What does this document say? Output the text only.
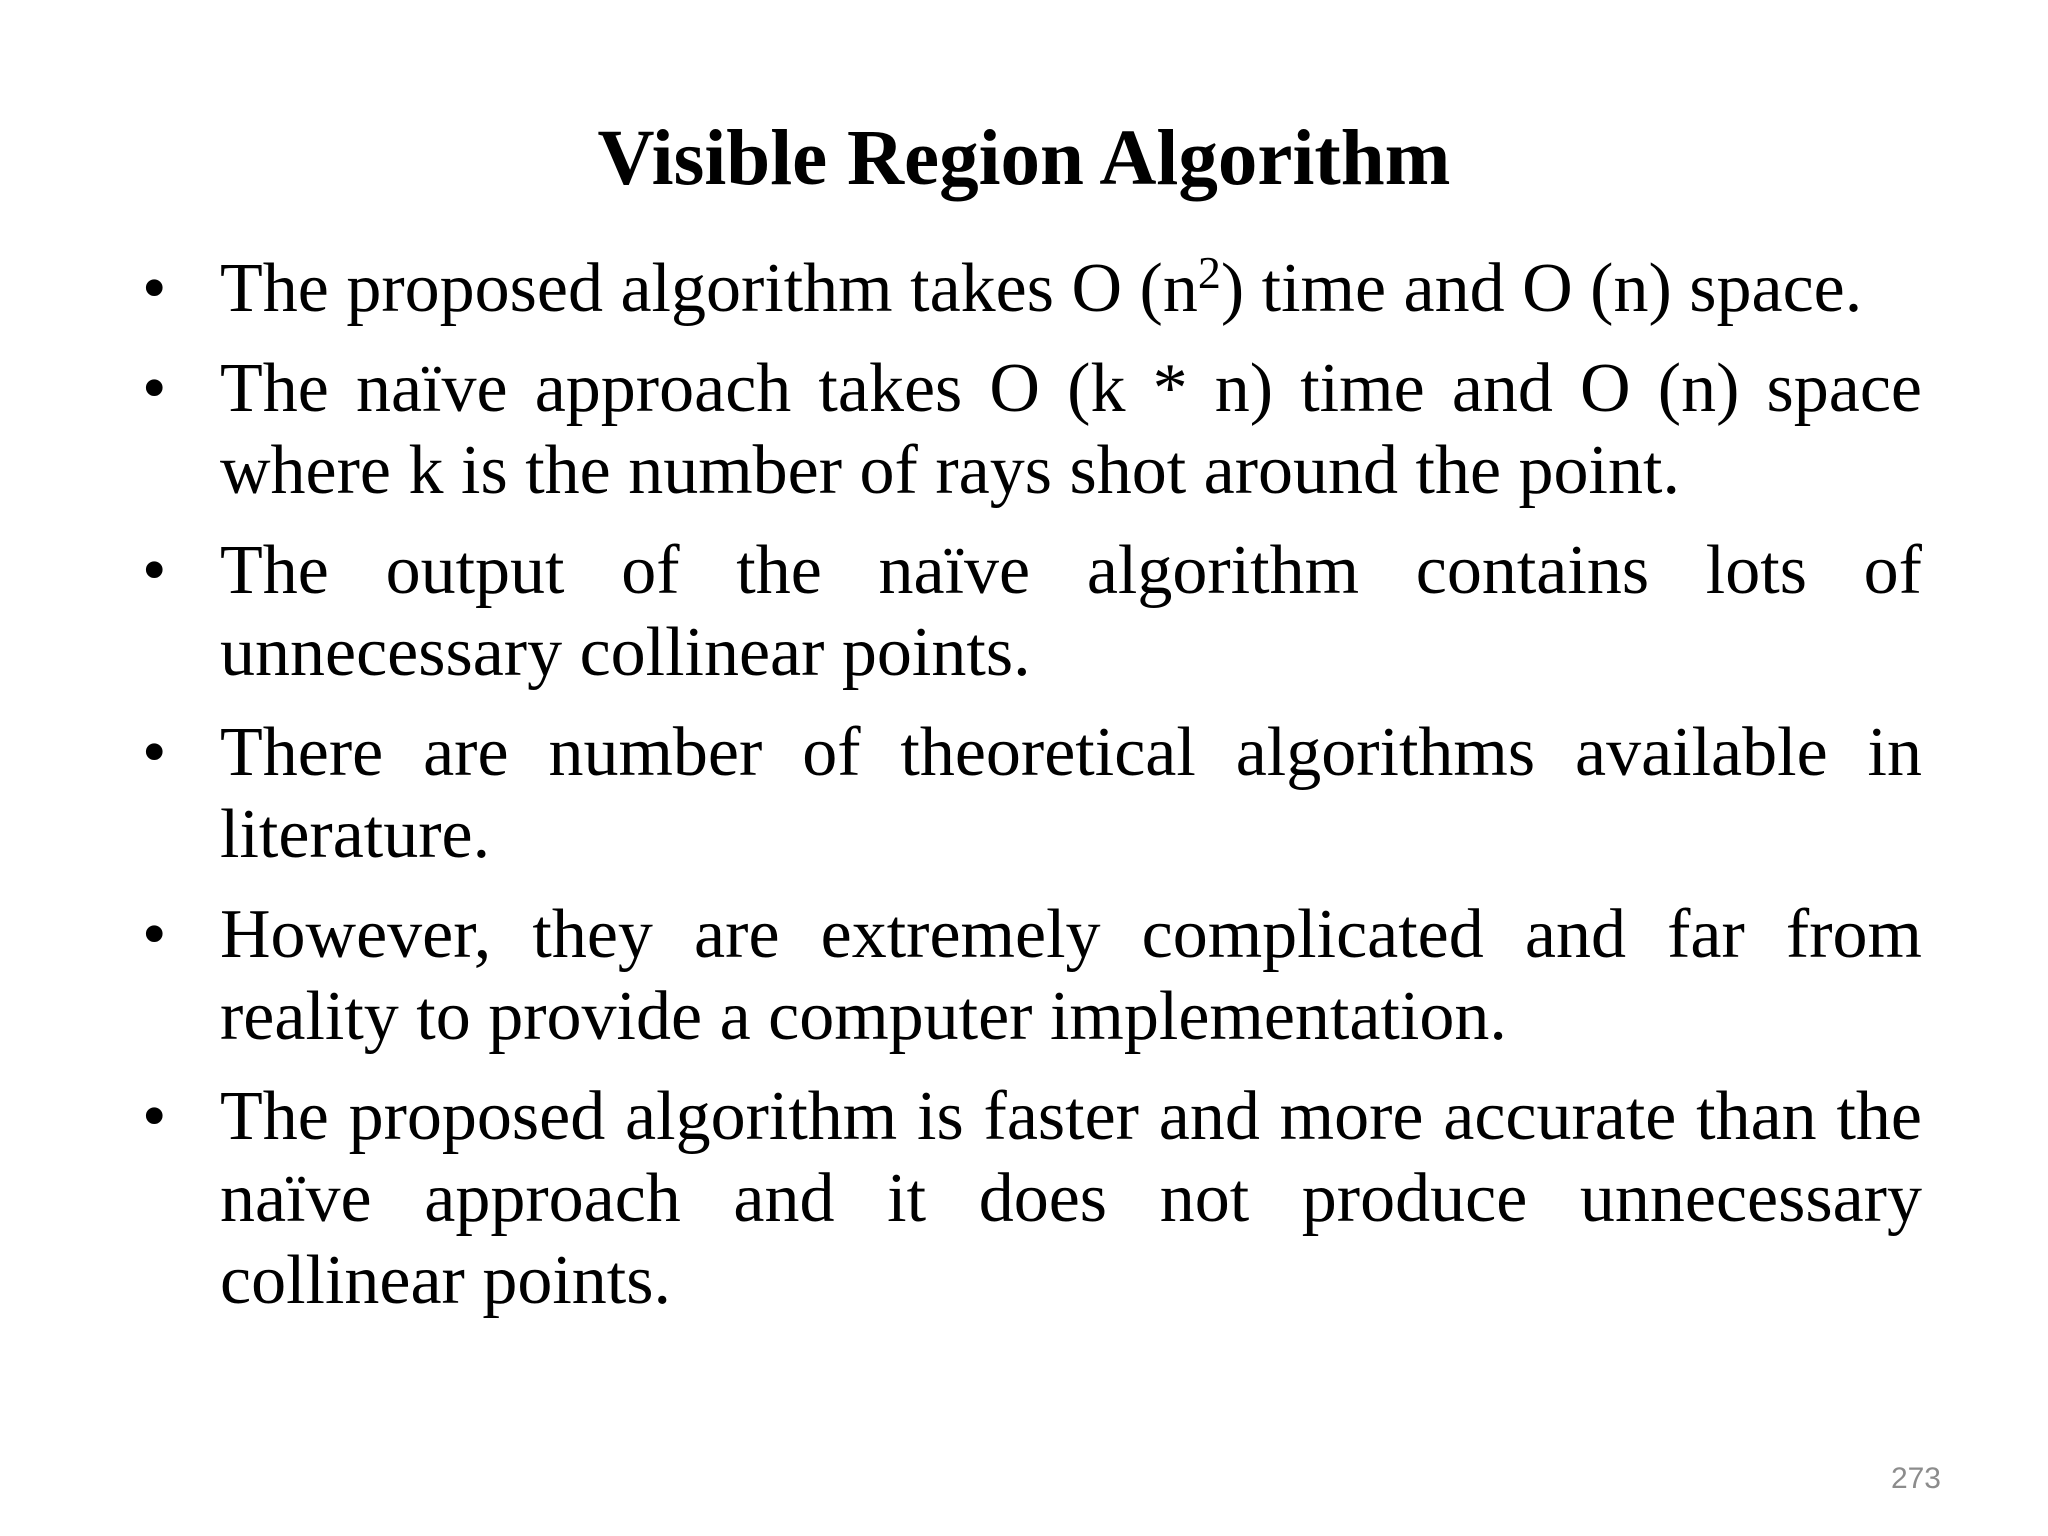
Visible Region Algorithm
• The proposed algorithm takes O $(n^2)$ time and O (n) space.
• The naïve approach takes O (k * n) time and O (n) space where k is the number of rays shot around the point.
• The output of the naïve algorithm contains lots of unnecessary collinear points.
• There are number of theoretical algorithms available in literature.
• However, they are extremely complicated and far from reality to provide a computer implementation.
• The proposed algorithm is faster and more accurate than the naïve approach and it does not produce unnecessary collinear points.
273
